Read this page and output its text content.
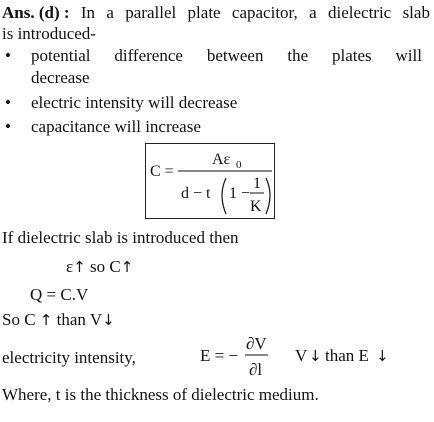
Ans. (d) : In a parallel plate capacitor, a dielectric slab
is introduced-
• potential difference between the plates will
decrease
• electric intensity will decrease
• capacitance will increase
C =
Aε 0
d − t 1 −
1
K
If dielectric slab is introduced then
ε↑ so C↑
Q = C.V
So C ↑ than V↓
electricity intensity,	E = −
∂V
∂l
V ↓ than E ↓
Where, t is the thickness of dielectric medium.
